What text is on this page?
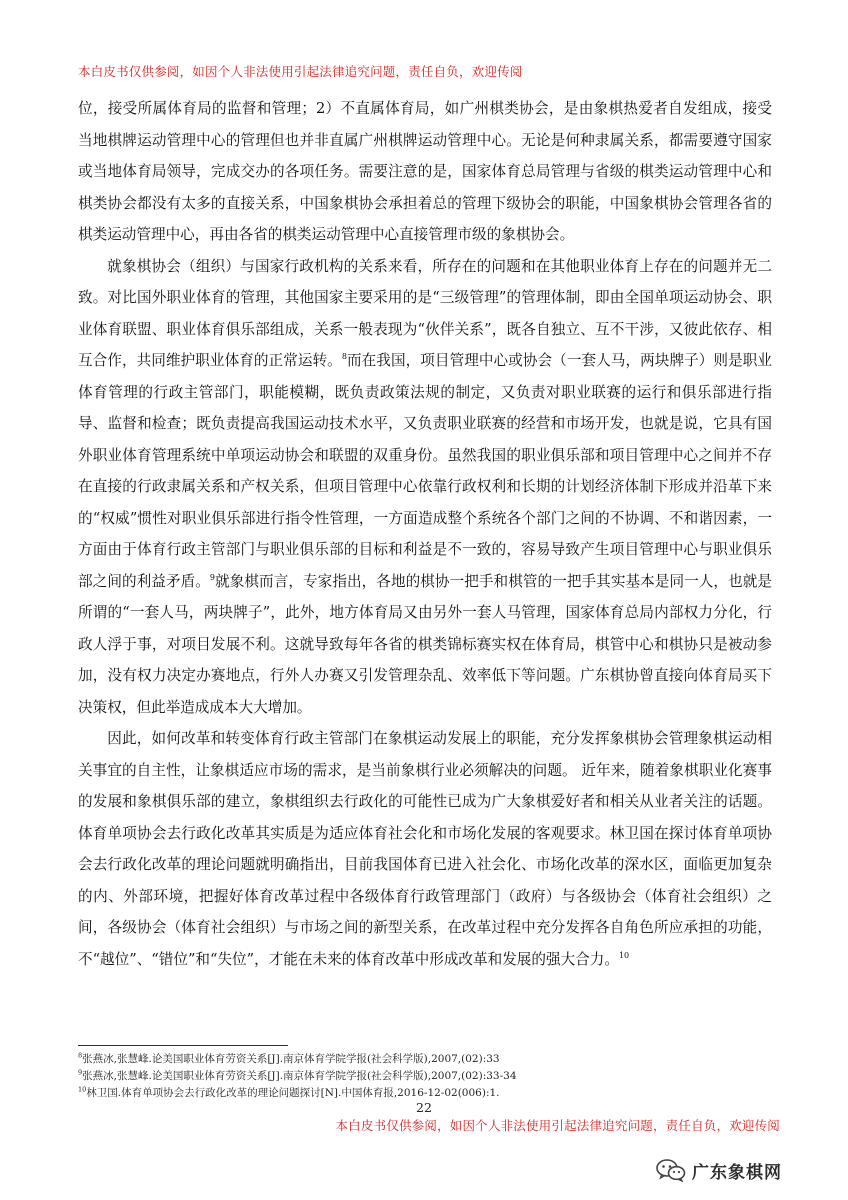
本白皮书仅供参阅，如因个人非法使用引起法律追究问题，责任自负，欢迎传阅

位，接受所属体育局的监督和管理；2）不直属体育局，如广州棋类协会，是由象棋热爱者自发组成，接受当地棋牌运动管理中心的管理但也并非直属广州棋牌运动管理中心。无论是何种隶属关系，都需要遵守国家或当地体育局领导，完成交办的各项任务。需要注意的是，国家体育总局管理与省级的棋类运动管理中心和棋类协会都没有太多的直接关系，中国象棋协会承担着总的管理下级协会的职能，中国象棋协会管理各省的棋类运动管理中心，再由各省的棋类运动管理中心直接管理市级的象棋协会。

就象棋协会（组织）与国家行政机构的关系来看，所存在的问题和在其他职业体育上存在的问题并无二致。对比国外职业体育的管理，其他国家主要采用的是“三级管理”的管理体制，即由全国单项运动协会、职业体育联盟、职业体育俱乐部组成，关系一般表现为“伙伴关系”，既各自独立、互不干涉，又彼此依存、相互合作，共同维护职业体育的正常运转。$^8$而在我国，项目管理中心或协会（一套人马，两块牌子）则是职业体育管理的行政主管部门，职能模糊，既负责政策法规的制定，又负责对职业联赛的运行和俱乐部进行指导、监督和检查；既负责提高我国运动技术水平，又负责职业联赛的经营和市场开发，也就是说，它具有国外职业体育管理系统中单项运动协会和联盟的双重身份。虽然我国的职业俱乐部和项目管理中心之间并不存在直接的行政隶属关系和产权关系，但项目管理中心依靠行政权利和长期的计划经济体制下形成并沿革下来的“权威”惯性对职业俱乐部进行指令性管理，一方面造成整个系统各个部门之间的不协调、不和谐因素，一方面由于体育行政主管部门与职业俱乐部的目标和利益是不一致的，容易导致产生项目管理中心与职业俱乐部之间的利益矛盾。$^9$就象棋而言，专家指出，各地的棋协一把手和棋管的一把手其实基本是同一人，也就是所谓的“一套人马，两块牌子”，此外，地方体育局又由另外一套人马管理，国家体育总局内部权力分化，行政人浮于事，对项目发展不利。这就导致每年各省的棋类锦标赛实权在体育局，棋管中心和棋协只是被动参加，没有权力决定办赛地点，行外人办赛又引发管理杂乱、效率低下等问题。广东棋协曾直接向体育局买下决策权，但此举造成成本大大增加。

因此，如何改革和转变体育行政主管部门在象棋运动发展上的职能，充分发挥象棋协会管理象棋运动相关事宜的自主性，让象棋适应市场的需求，是当前象棋行业必须解决的问题。 近年来，随着象棋职业化赛事的发展和象棋俱乐部的建立，象棋组织去行政化的可能性已成为广大象棋爱好者和相关从业者关注的话题。体育单项协会去行政化改革其实质是为适应体育社会化和市场化发展的客观要求。林卫国在探讨体育单项协会去行政化改革的理论问题就明确指出，目前我国体育已进入社会化、市场化改革的深水区，面临更加复杂的内、外部环境，把握好体育改革过程中各级体育行政管理部门（政府）与各级协会（体育社会组织）之间，各级协会（体育社会组织）与市场之间的新型关系，在改革过程中充分发挥各自角色所应承担的功能，不“越位”、“错位”和“失位”，才能在未来的体育改革中形成改革和发展的强大合力。$^{10}$

$^8$张燕冰,张慧峰.论美国职业体育劳资关系[J].南京体育学院学报(社会科学版),2007,(02):33
$^9$张燕冰,张慧峰.论美国职业体育劳资关系[J].南京体育学院学报(社会科学版),2007,(02):33-34
$^{10}$林卫国.体育单项协会去行政化改革的理论问题探讨[N].中国体育报,2016-12-02(006):1.
22
本白皮书仅供参阅，如因个人非法使用引起法律追究问题，责任自负，欢迎传阅
广东象棋网
